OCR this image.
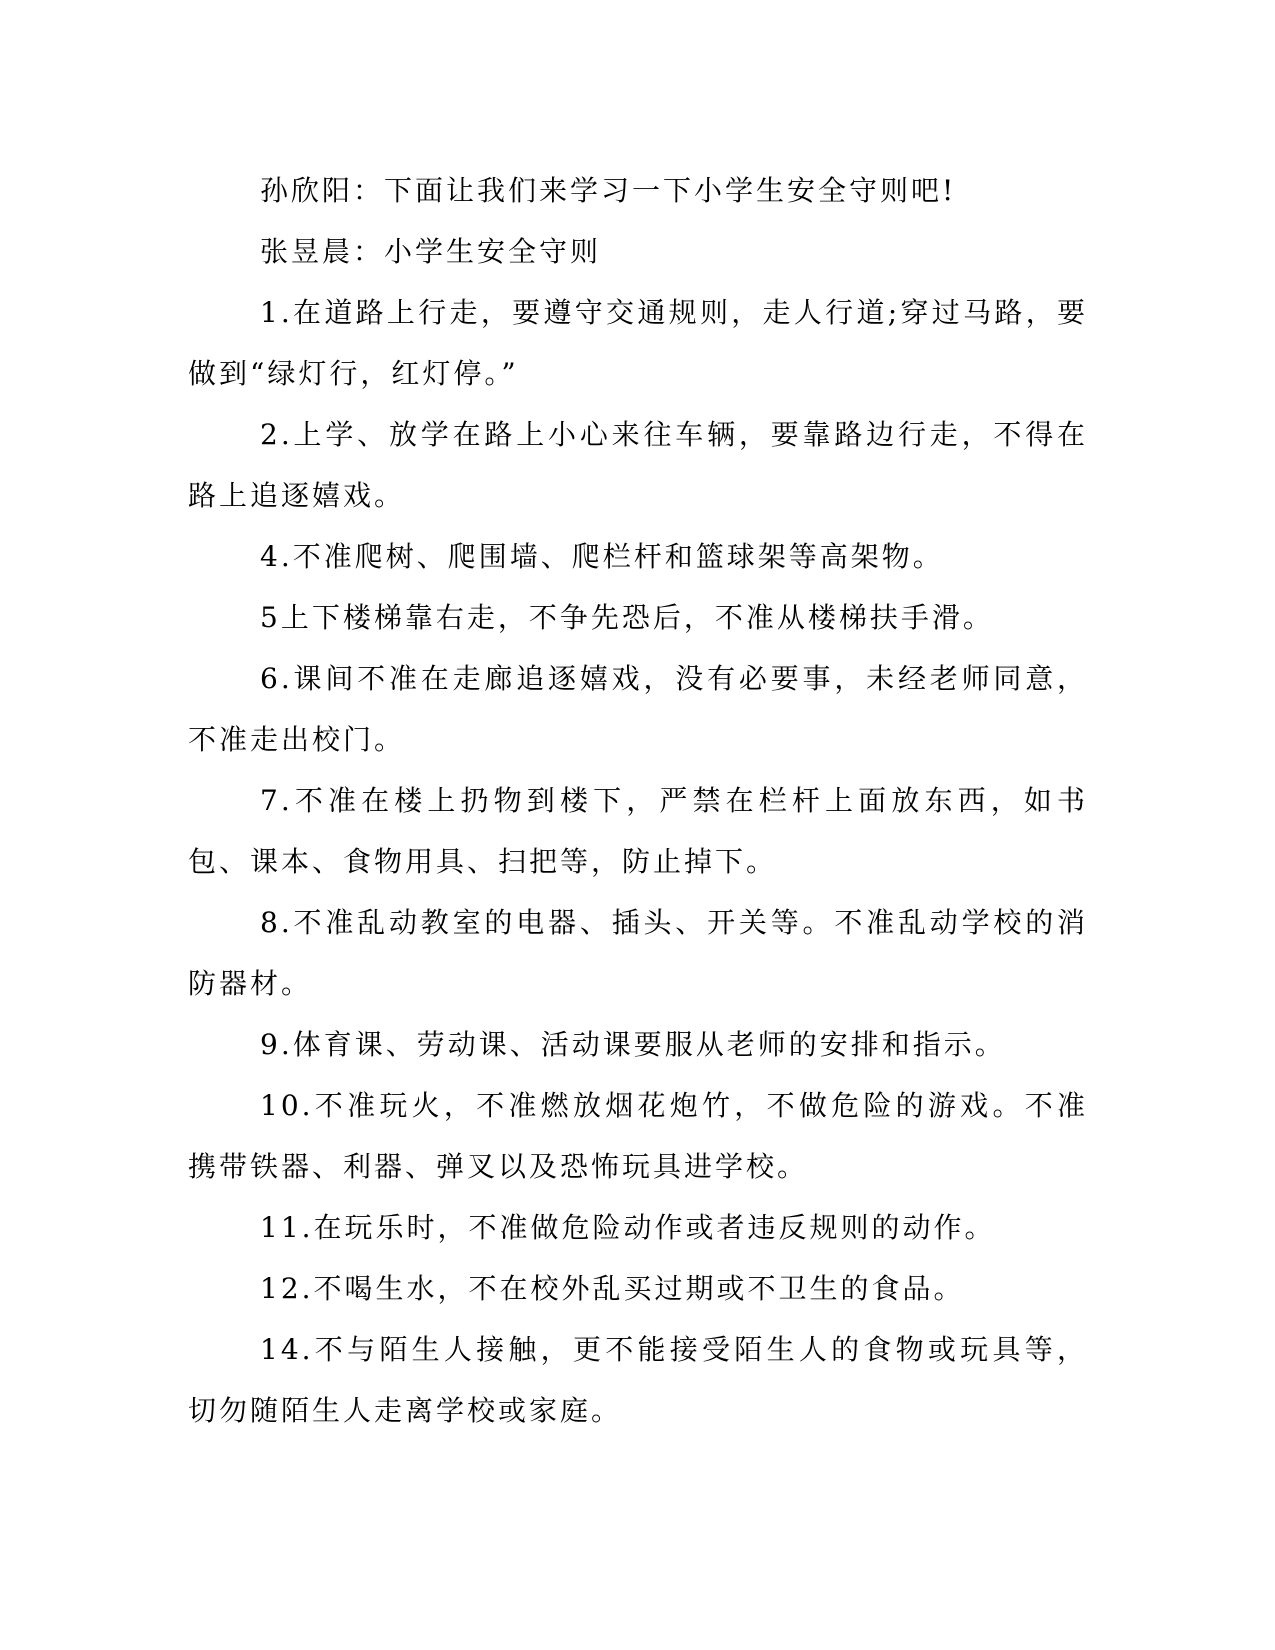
孙欣阳：下面让我们来学习一下小学生安全守则吧!

张昱晨：小学生安全守则

1.在道路上行走，要遵守交通规则，走人行道;穿过马路，要做到“绿灯行，红灯停。”

2.上学、放学在路上小心来往车辆，要靠路边行走，不得在路上追逐嬉戏。

4.不准爬树、爬围墙、爬栏杆和篮球架等高架物。

5上下楼梯靠右走，不争先恐后，不准从楼梯扶手滑。

6.课间不准在走廊追逐嬉戏，没有必要事，未经老师同意，不准走出校门。

7.不准在楼上扔物到楼下，严禁在栏杆上面放东西，如书包、课本、食物用具、扫把等，防止掉下。

8.不准乱动教室的电器、插头、开关等。不准乱动学校的消防器材。

9.体育课、劳动课、活动课要服从老师的安排和指示。

10.不准玩火，不准燃放烟花炮竹，不做危险的游戏。不准携带铁器、利器、弹叉以及恐怖玩具进学校。

11.在玩乐时，不准做危险动作或者违反规则的动作。

12.不喝生水，不在校外乱买过期或不卫生的食品。

14.不与陌生人接触，更不能接受陌生人的食物或玩具等，切勿随陌生人走离学校或家庭。
